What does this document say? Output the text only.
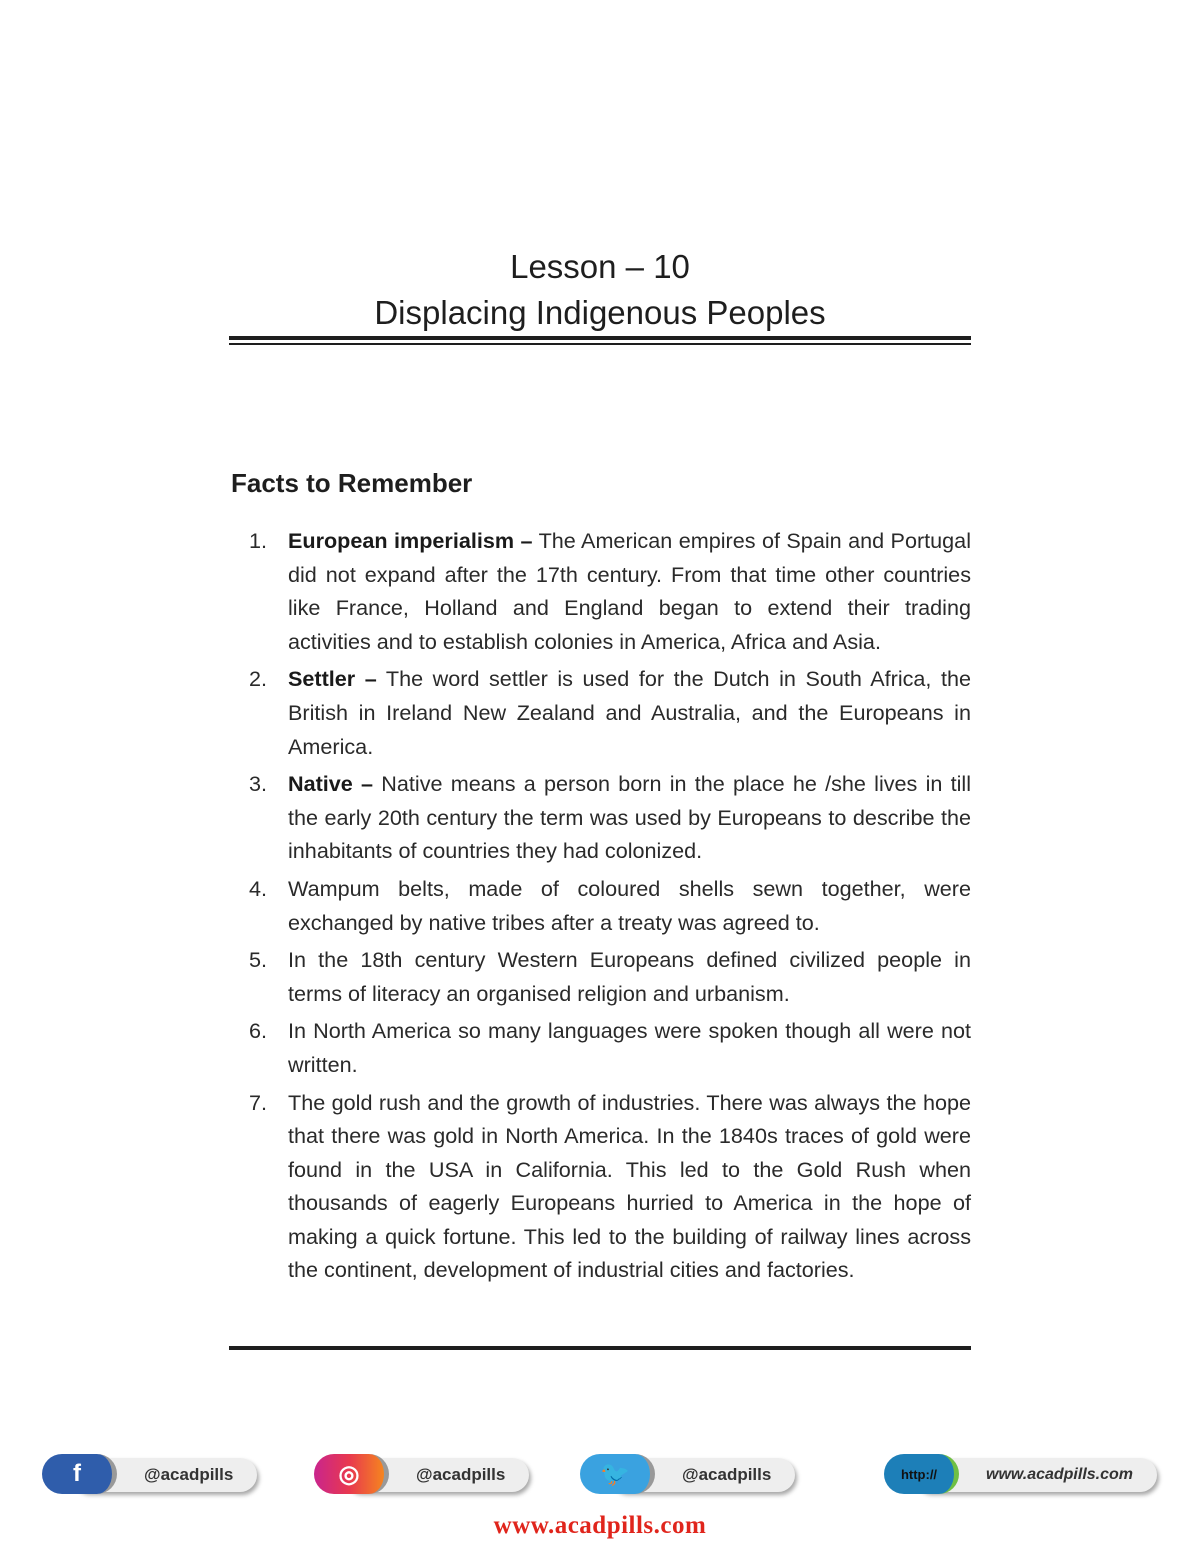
Lesson – 10
Displacing Indigenous Peoples
Facts to Remember
1. European imperialism – The American empires of Spain and Portugal did not expand after the 17th century. From that time other countries like France, Holland and England began to extend their trading activities and to establish colonies in America, Africa and Asia.
2. Settler – The word settler is used for the Dutch in South Africa, the British in Ireland New Zealand and Australia, and the Europeans in America.
3. Native – Native means a person born in the place he /she lives in till the early 20th century the term was used by Europeans to describe the inhabitants of countries they had colonized.
4. Wampum belts, made of coloured shells sewn together, were exchanged by native tribes after a treaty was agreed to.
5. In the 18th century Western Europeans defined civilized people in terms of literacy an organised religion and urbanism.
6. In North America so many languages were spoken though all were not written.
7. The gold rush and the growth of industries. There was always the hope that there was gold in North America. In the 1840s traces of gold were found in the USA in California. This led to the Gold Rush when thousands of eagerly Europeans hurried to America in the hope of making a quick fortune. This led to the building of railway lines across the continent, development of industrial cities and factories.
f	@acadpills	◎	@acadpills	🐦	@acadpills	http://	www.acadpills.com
www.acadpills.com
